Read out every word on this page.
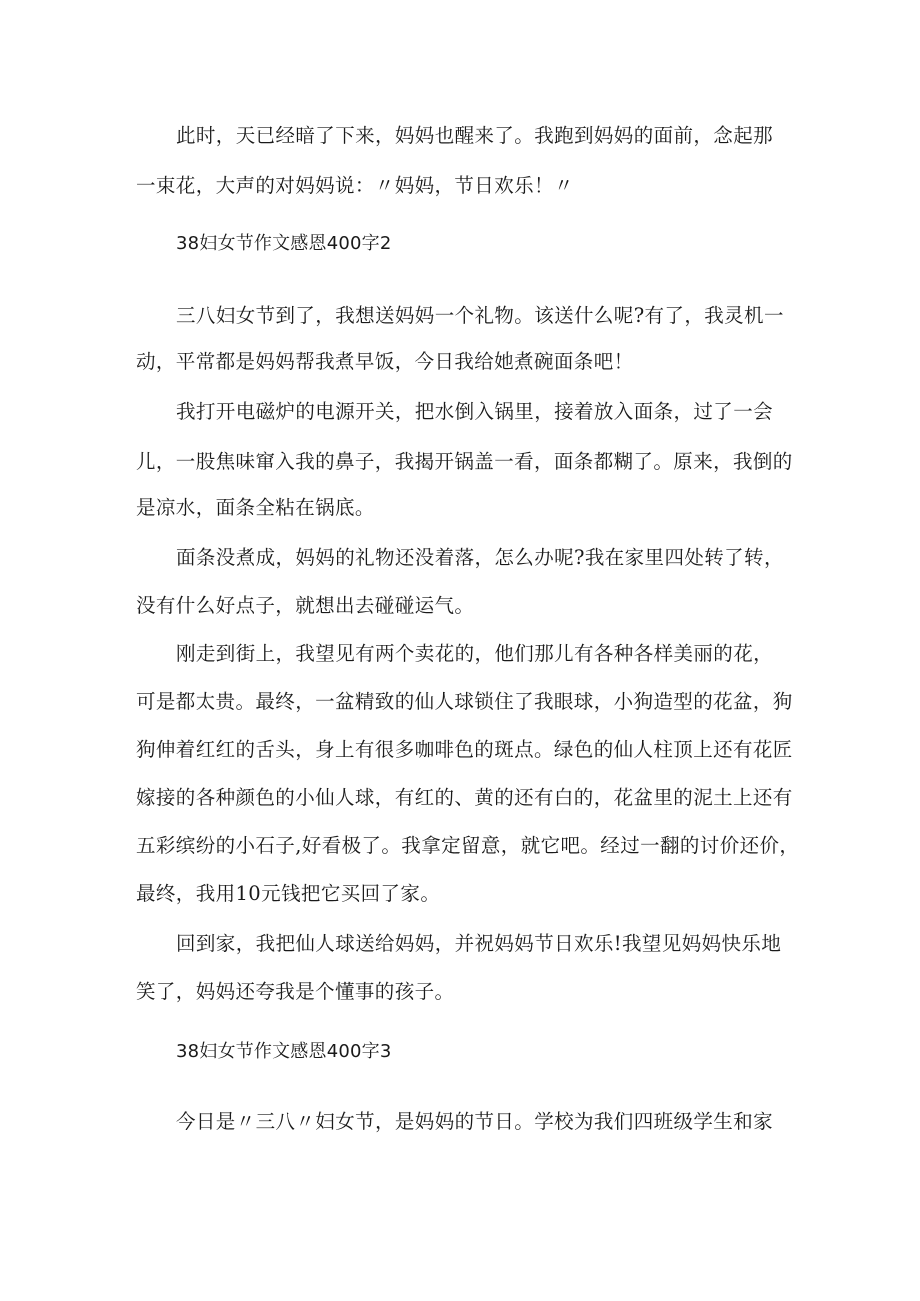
此时，天已经暗了下来，妈妈也醒来了。我跑到妈妈的面前，念起那
一束花，大声的对妈妈说：〃妈妈，节日欢乐！〃
38妇女节作文感恩400字2
三八妇女节到了，我想送妈妈一个礼物。该送什么呢?有了，我灵机一
动，平常都是妈妈帮我煮早饭，今日我给她煮碗面条吧！
我打开电磁炉的电源开关，把水倒入锅里，接着放入面条，过了一会
儿，一股焦味窜入我的鼻子，我揭开锅盖一看，面条都糊了。原来，我倒的
是凉水，面条全粘在锅底。
面条没煮成，妈妈的礼物还没着落，怎么办呢?我在家里四处转了转，
没有什么好点子，就想出去碰碰运气。
刚走到街上，我望见有两个卖花的，他们那儿有各种各样美丽的花，
可是都太贵。最终，一盆精致的仙人球锁住了我眼球，小狗造型的花盆，狗
狗伸着红红的舌头，身上有很多咖啡色的斑点。绿色的仙人柱顶上还有花匠
嫁接的各种颜色的小仙人球，有红的、黄的还有白的，花盆里的泥土上还有
五彩缤纷的小石子,好看极了。我拿定留意，就它吧。经过一翻的讨价还价，
最终，我用10元钱把它买回了家。
回到家，我把仙人球送给妈妈，并祝妈妈节日欢乐!我望见妈妈快乐地
笑了，妈妈还夸我是个懂事的孩子。
38妇女节作文感恩400字3
今日是〃三八〃妇女节，是妈妈的节日。学校为我们四班级学生和家
